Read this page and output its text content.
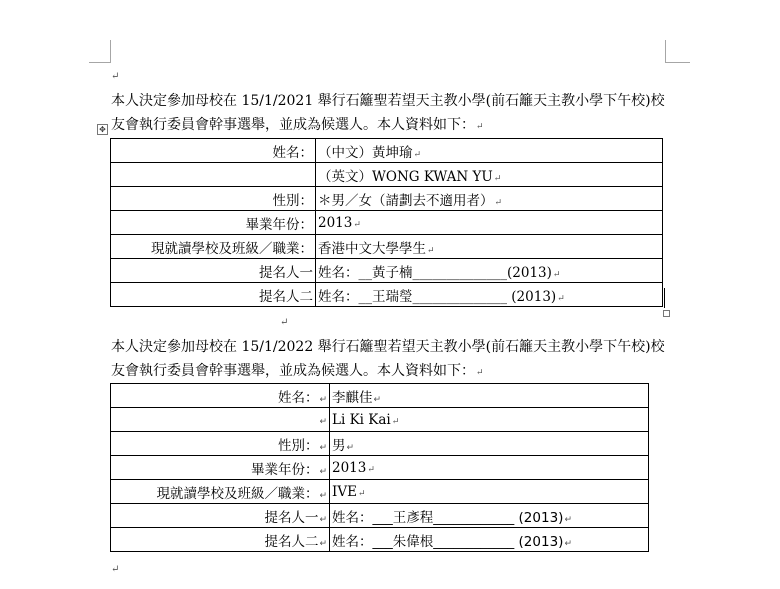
↵
本人決定參加母校在 15/1/2021 舉行石籬聖若望天主教小學(前石籬天主教小學下午校)校友會執行委員會幹事選舉，並成為候選人。本人資料如下：↵
✥
姓名：	（中文）黃坤瑜↵
	（英文）WONG KWAN YU↵
性別：	＊男／女（請劃去不適用者）↵
畢業年份：	2013↵
現就讀學校及班級／職業：	香港中文大學學生↵
提名人一	姓名：__黃子楠______________(2013)↵
提名人二	姓名：__王瑞瑩______________ (2013)↵
↵
本人決定參加母校在 15/1/2022 舉行石籬聖若望天主教小學(前石籬天主教小學下午校)校友會執行委員會幹事選舉，並成為候選人。本人資料如下：↵
姓名：↵	李麒佳↵
↵	Li Ki Kai↵
性別：↵	男↵
畢業年份：↵	2013↵
現就讀學校及班級／職業：↵	IVE↵
提名人一↵	姓名：___王彥程____________ (2013)↵
提名人二↵	姓名：___朱偉根____________ (2013)↵
↵
